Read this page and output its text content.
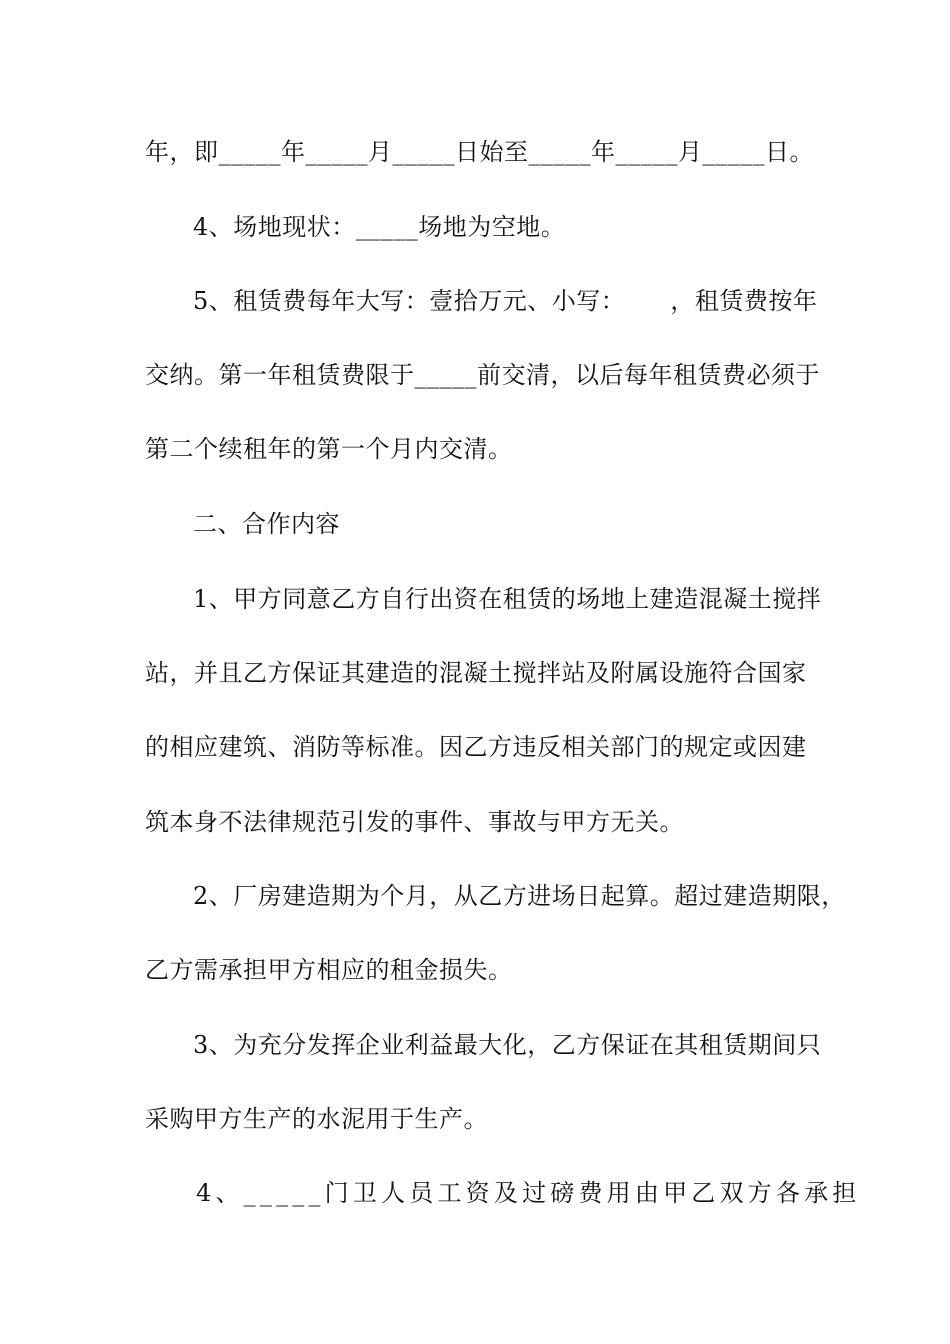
年，即_____年_____月_____日始至_____年_____月_____日。
4、场地现状：_____场地为空地。
5、租赁费每年大写：壹拾万元、小写：　　 ，租赁费按年
交纳。第一年租赁费限于_____前交清，以后每年租赁费必须于
第二个续租年的第一个月内交清。
二、合作内容
1、甲方同意乙方自行出资在租赁的场地上建造混凝土搅拌
站，并且乙方保证其建造的混凝土搅拌站及附属设施符合国家
的相应建筑、消防等标准。因乙方违反相关部门的规定或因建
筑本身不法律规范引发的事件、事故与甲方无关。
2、厂房建造期为个月，从乙方进场日起算。超过建造期限，
乙方需承担甲方相应的租金损失。
3、为充分发挥企业利益最大化，乙方保证在其租赁期间只
采购甲方生产的水泥用于生产。
4、_____门卫人员工资及过磅费用由甲乙双方各承担
